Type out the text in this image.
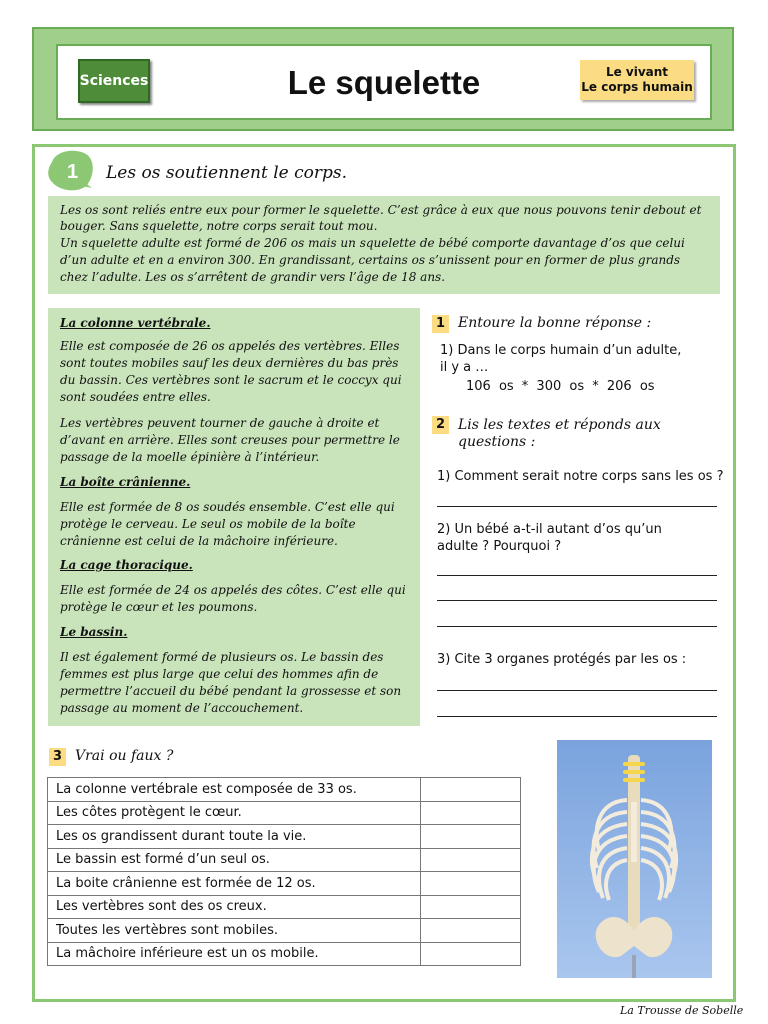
Sciences	Le squelette	Le vivant
Le corps humain
1 Les os soutiennent le corps.
Les os sont reliés entre eux pour former le squelette. C’est grâce à eux que nous pouvons tenir debout et
bouger. Sans squelette, notre corps serait tout mou.
Un squelette adulte est formé de 206 os mais un squelette de bébé comporte davantage d’os que celui
d’un adulte et en a environ 300. En grandissant, certains os s’unissent pour en former de plus grands
chez l’adulte. Les os s’arrêtent de grandir vers l’âge de 18 ans.
La colonne vertébrale.
Elle est composée de 26 os appelés des vertèbres. Elles
sont toutes mobiles sauf les deux dernières du bas près
du bassin. Ces vertèbres sont le sacrum et le coccyx qui
sont soudées entre elles.
Les vertèbres peuvent tourner de gauche à droite et
d’avant en arrière. Elles sont creuses pour permettre le
passage de la moelle épinière à l’intérieur.
La boîte crânienne.
Elle est formée de 8 os soudés ensemble. C’est elle qui
protège le cerveau. Le seul os mobile de la boîte
crânienne est celui de la mâchoire inférieure.
La cage thoracique.
Elle est formée de 24 os appelés des côtes. C’est elle qui
protège le cœur et les poumons.
Le bassin.
Il est également formé de plusieurs os. Le bassin des
femmes est plus large que celui des hommes afin de
permettre l’accueil du bébé pendant la grossesse et son
passage au moment de l’accouchement.
1 Entoure la bonne réponse :
1) Dans le corps humain d’un adulte,
il y a …
106 os * 300 os * 206 os
2 Lis les textes et réponds aux
questions :
1) Comment serait notre corps sans les os ?
2) Un bébé a-t-il autant d’os qu’un
adulte ? Pourquoi ?
3) Cite 3 organes protégés par les os :
3 Vrai ou faux ?
La colonne vertébrale est composée de 33 os.	
Les côtes protègent le cœur.	
Les os grandissent durant toute la vie.	
Le bassin est formé d’un seul os.	
La boite crânienne est formée de 12 os.	
Les vertèbres sont des os creux.	
Toutes les vertèbres sont mobiles.	
La mâchoire inférieure est un os mobile.	
La Trousse de Sobelle
